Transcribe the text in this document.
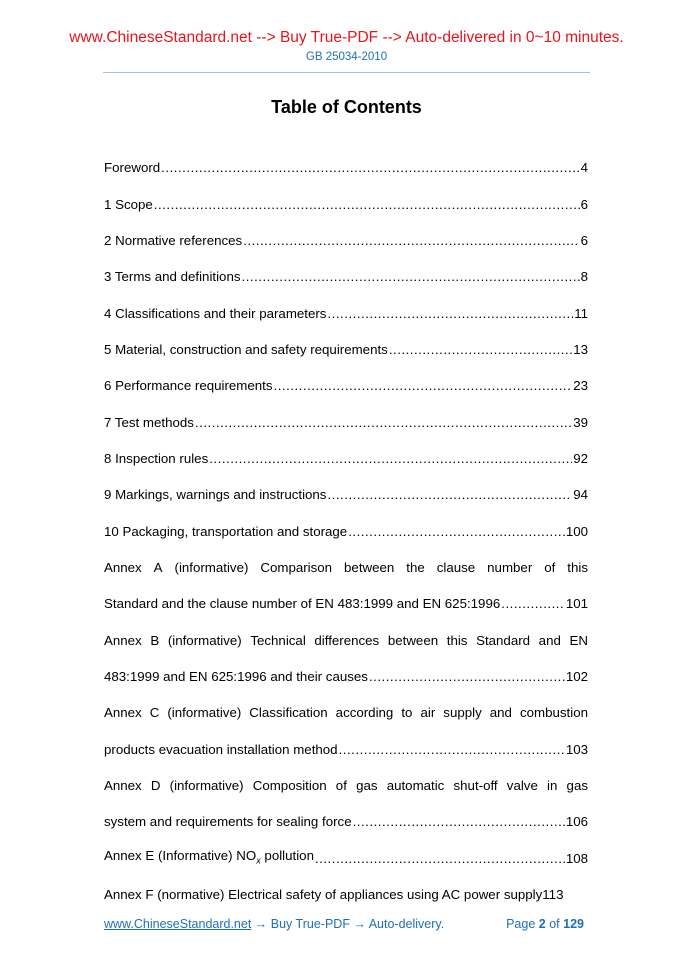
www.ChineseStandard.net --> Buy True-PDF --> Auto-delivered in 0~10 minutes.
GB 25034-2010
Table of Contents
Foreword .....	4
1 Scope .....	6
2 Normative references .....	6
3 Terms and definitions .....	8
4 Classifications and their parameters .....	11
5 Material, construction and safety requirements .....	13
6 Performance requirements .....	23
7 Test methods .....	39
8 Inspection rules .....	92
9 Markings, warnings and instructions .....	94
10 Packaging, transportation and storage .....	100
Annex A (informative) Comparison between the clause number of this
Standard and the clause number of EN 483:1999 and EN 625:1996 .....	101
Annex B (informative) Technical differences between this Standard and EN
483:1999 and EN 625:1996 and their causes .....	102
Annex C (informative) Classification according to air supply and combustion
products evacuation installation method .....	103
Annex D (informative) Composition of gas automatic shut-off valve in gas
system and requirements for sealing force .....	106
Annex E (Informative) $NO_x$ pollution .....	108
Annex F (normative) Electrical safety of appliances using AC power supply 113
www.ChineseStandard.net → Buy True-PDF → Auto-delivery.	Page 2 of 129
